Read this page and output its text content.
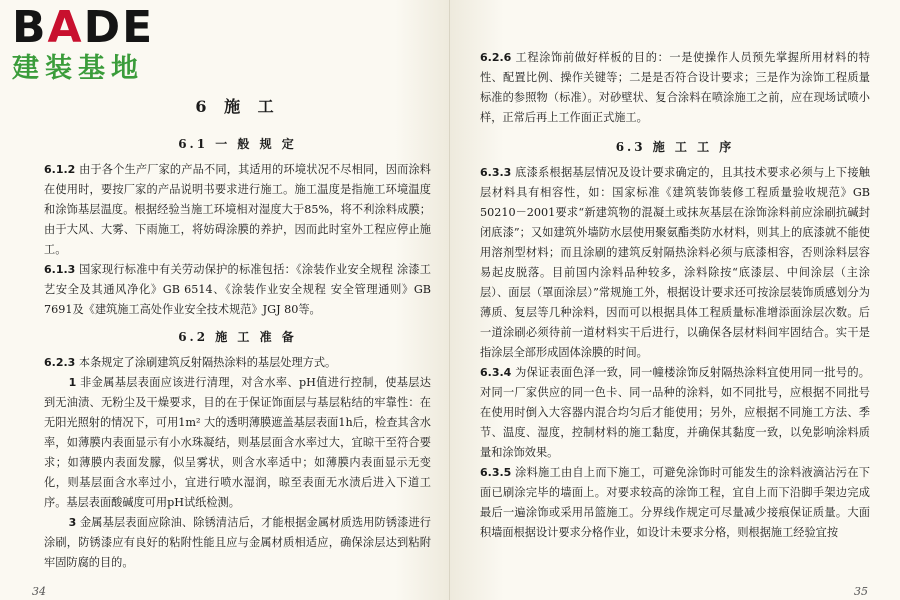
BADE
建装基地
6 施 工
6.1 一 般 规 定

6.1.2 由于各个生产厂家的产品不同，其适用的环境状况不尽相同，因而涂料在使用时，要按厂家的产品说明书要求进行施工。施工温度是指施工环境温度和涂饰基层温度。根据经验当施工环境相对湿度大于85%，将不利涂料成膜；由于大风、大雾、下雨施工，将妨碍涂膜的养护，因而此时室外工程应停止施工。

6.1.3 国家现行标准中有关劳动保护的标准包括：《涂装作业安全规程 涂漆工艺安全及其通风净化》GB 6514、《涂装作业安全规程 安全管理通则》GB 7691及《建筑施工高处作业安全技术规范》JGJ 80等。

6.2 施 工 准 备

6.2.3 本条规定了涂刷建筑反射隔热涂料的基层处理方式。

1 非金属基层表面应该进行清理，对含水率、pH值进行控制，使基层达到无油渍、无粉尘及干燥要求，目的在于保证饰面层与基层粘结的牢靠性：在无阳光照射的情况下，可用1m² 大的透明薄膜遮盖基层表面1h后，检查其含水率，如薄膜内表面显示有小水珠凝结，则基层面含水率过大，宜晾干至符合要求；如薄膜内表面发朦，似呈雾状，则含水率适中；如薄膜内表面显示无变化，则基层面含水率过小，宜进行喷水湿润，晾至表面无水渍后进入下道工序。基层表面酸碱度可用pH试纸检测。

3 金属基层表面应除油、除锈清洁后，才能根据金属材质选用防锈漆进行涂刷，防锈漆应有良好的粘附性能且应与金属材质相适应，确保涂层达到粘附牢固防腐的目的。

34

6.2.6 工程涂饰前做好样板的目的：一是使操作人员预先掌握所用材料的特性、配置比例、操作关键等；二是是否符合设计要求；三是作为涂饰工程质量标准的参照物（标准）。对砂壁状、复合涂料在喷涂施工之前，应在现场试喷小样，正常后再上工作面正式施工。

6.3 施 工 工 序

6.3.3 底漆系根据基层情况及设计要求确定的，且其技术要求必须与上下接触层材料具有相容性，如：国家标准《建筑装饰装修工程质量验收规范》GB 50210－2001要求“新建筑物的混凝土或抹灰基层在涂饰涂料前应涂刷抗碱封闭底漆”；又如建筑外墙防水层使用聚氨酯类防水材料，则其上的底漆就不能使用溶剂型材料；而且涂刷的建筑反射隔热涂料必须与底漆相容，否则涂料层容易起皮脱落。目前国内涂料品种较多，涂料除按“底漆层、中间涂层（主涂层）、面层（罩面涂层）”常规施工外，根据设计要求还可按涂层装饰质感划分为薄质、复层等几种涂料，因而可以根据具体工程质量标准增添面涂层次数。后一道涂刷必须待前一道材料实干后进行，以确保各层材料间牢固结合。实干是指涂层全部形成固体涂膜的时间。

6.3.4 为保证表面色泽一致，同一幢楼涂饰反射隔热涂料宜使用同一批号的。对同一厂家供应的同一色卡、同一品种的涂料，如不同批号，应根据不同批号在使用时倒入大容器内混合均匀后才能使用；另外，应根据不同施工方法、季节、温度、湿度，控制材料的施工黏度，并确保其黏度一致，以免影响涂料质量和涂饰效果。

6.3.5 涂料施工由自上而下施工，可避免涂饰时可能发生的涂料液滴沾污在下面已刷涂完毕的墙面上。对要求较高的涂饰工程，宜自上而下沿脚手架边完成最后一遍涂饰或采用吊篮施工。分界线作规定可尽量减少接痕保证质量。大面积墙面根据设计要求分格作业，如设计未要求分格，则根据施工经验宜按

35
